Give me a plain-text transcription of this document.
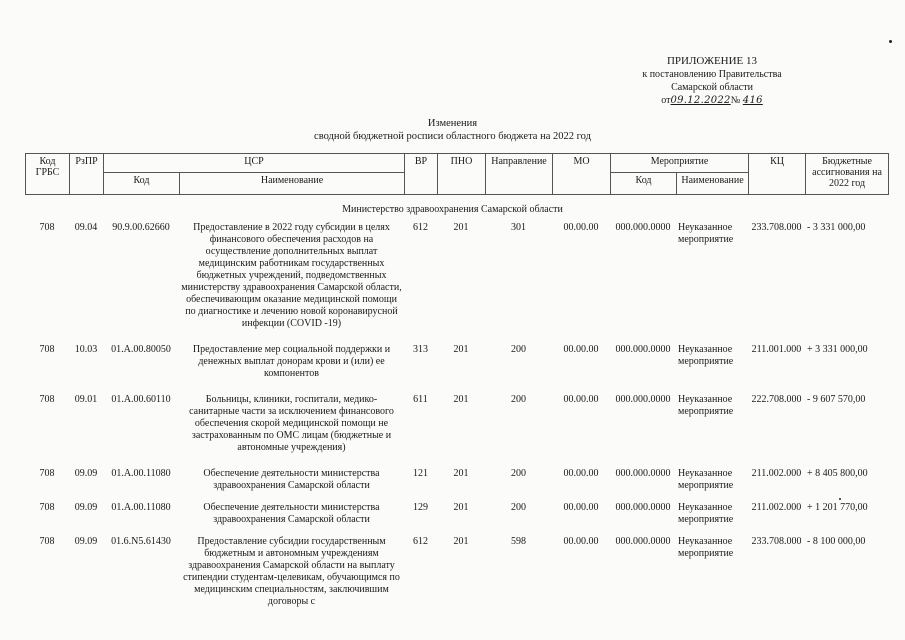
ПРИЛОЖЕНИЕ 13
к постановлению Правительства
Самарской области
от09.12.2022№ 416
Изменения
сводной бюджетной росписи областного бюджета на 2022 год
Код ГРБС	РзПР	ЦСР		ВР	ПНО	Направление	МО	Мероприятие		КЦ	Бюджетные ассигнования на 2022 год
		Код	Наименование					Код	Наименование		
Министерство здравоохранения Самарской области
708	09.04	90.9.00.62660	Предоставление в 2022 году субсидии в целях финансового обеспечения расходов на осуществление дополнительных выплат медицинским работникам государственных бюджетных учреждений, подведомственных министерству здравоохранения Самарской области, обеспечивающим оказание медицинской помощи по диагностике и лечению новой коронавирусной инфекции (COVID -19)	612	201	301	00.00.00	000.000.0000	Неуказанное мероприятие	233.708.000	- 3 331 000,00

708	10.03	01.А.00.80050	Предоставление мер социальной поддержки и денежных выплат донорам крови и (или) ее компонентов	313	201	200	00.00.00	000.000.0000	Неуказанное мероприятие	211.001.000	+ 3 331 000,00

708	09.01	01.А.00.60110	Больницы, клиники, госпитали, медико-санитарные части за исключением финансового обеспечения скорой медицинской помощи не застрахованным по ОМС лицам (бюджетные и автономные учреждения)	611	201	200	00.00.00	000.000.0000	Неуказанное мероприятие	222.708.000	- 9 607 570,00

708	09.09	01.А.00.11080	Обеспечение деятельности министерства здравоохранения Самарской области	121	201	200	00.00.00	000.000.0000	Неуказанное мероприятие	211.002.000	+ 8 405 800,00

708	09.09	01.А.00.11080	Обеспечение деятельности министерства здравоохранения Самарской области	129	201	200	00.00.00	000.000.0000	Неуказанное мероприятие	211.002.000	+ 1 201 770,00

708	09.09	01.6.N5.61430	Предоставление субсидии государственным бюджетным и автономным учреждениям здравоохранения Самарской области на выплату стипендии студентам-целевикам, обучающимся по медицинским специальностям, заключившим договоры с	612	201	598	00.00.00	000.000.0000	Неуказанное мероприятие	233.708.000	- 8 100 000,00
